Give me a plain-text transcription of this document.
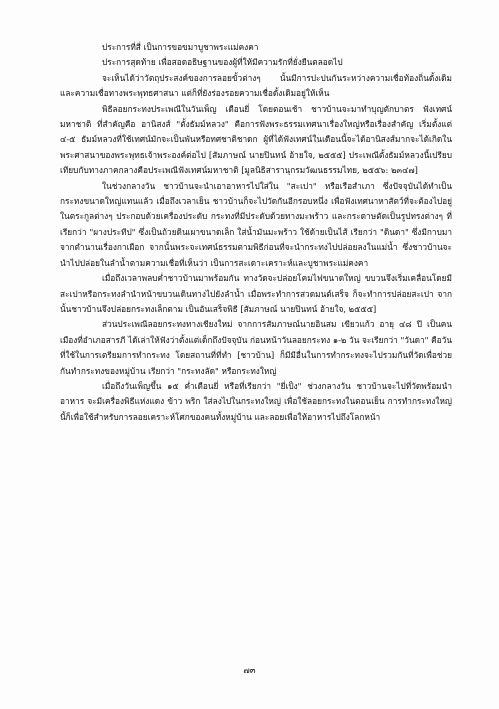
ประการที่สี่ เป็นการขอขมาบูชาพระแม่คงคา

ประการสุดท้าย เพื่อสอดอธิษฐานของผู้ที่ให้มีความรักที่ยั่งยืนตลอดไป

จะเห็นได้ว่าวัตถุประสงค์ของการลอยขั้วต่างๆ นั้นมีการปะปนกันระหว่างความเชื่อท้องถิ่นดั้งเดิม และความเชื่อทางพระพุทธศาสนา แต่ก็ที่ยังร่องรอยความเชื่อดั้งเดิมอยู่ให้เห็น

พิธีลอยกระทงประเพณีในวันเพ็ญ เดือนยี่ โดยตอนเช้า ชาวบ้านจะมาทำบุญตักบาตร ฟังเทศน์มหาชาติ ที่สำคัญคือ อานิสงส์ "ตั้งธัมม์หลวง" คือการฟังพระธรรมเทศนาเรื่องใหญ่หรือเรื่องสำคัญ เริ่มตั้งแต่ ๔-๕ ธัมม์หลวงที่ใช้เทศน์มักจะเป็นพันหรือทศชาติชาดก ผู้ที่ได้ฟังเทศน์ในเดือนนี้จะได้อานิสงส์มากจะได้เกิดในพระศาสนาของพระพุทธเจ้าพระองค์ต่อไป [สัมภาษณ์ นายปินทน์ อ้ายใจ, ๒๕๕๕] ประเพณีตั้งธัมม์หลวงนี้เปรียบเทียบกับทางภาคกลางคือประเพณีฟังเทศน์มหาชาติ [มูลนิธิสารานุกรมวัฒนธรรมไทย, ๒๕๕๖: ๒๓๔๗]

ในช่วงกลางวัน ชาวบ้านจะนำเอาอาหารไปใส่ใน "สะเปา" หรือเรือสำเภา ซึ่งปัจจุบันได้ทำเป็นกระทงขนาดใหญ่แทนแล้ว เมื่อถึงเวลาเย็น ชาวบ้านก็จะไปวัดกันอีกรอบหนึ่ง เพื่อฟังเทศนาหาสัตว์ที่จะต้องไปอยู่ในตระกูลต่างๆ ประกอบด้วยเครื่องประดับ กระทงที่มีประดับด้วยทางมะพร้าว และกระดาษตัดเป็นรูปทรงต่างๆ ที่เรียกว่า "ผางประทีป" ซึ่งเป็นถ้วยดินเผาขนาดเล็ก ใส่น้ำมันมะพร้าว ใช้ด้ายเป็นไส้ เรียกว่า "ดินดา" ซึ่งมีกาบมาจากตำนานเรื่องกาเผือก จากนั้นพระจะเทศน์ธรรมตามพิธีก่อนที่จะนำกระทงไปปล่อยลงในแม่น้ำ ซึ่งชาวบ้านจะนำไปปล่อยในลำน้ำตามความเชื่อที่เห็นว่า เป็นการสะเดาะเคราะห์และบูชาพระแม่คงคา

เมื่อถึงเวลาพลบค่ำชาวบ้านมาพร้อมกัน ทางวัดจะปล่อยโคมไฟขนาดใหญ่ ขบวนจึงเริ่มเคลื่อนโดยมีสะเปาหรือกระทงลำนำหน้าขบวนเดินทางไปยังลำน้ำ เมื่อพระทำการสวดมนต์เสร็จ ก็จะทำการปล่อยสะเปา จากนั้นชาวบ้านจึงปล่อยกระทงเล็กตาม เป็นอันเสร็จพิธี [สัมภาษณ์ นายปินทน์ อ้ายใจ, ๒๕๕๕]

ส่วนประเพณีลอยกระทงทางเชียงใหม่ จากการสัมภาษณ์นายอินสม เขียวแก้ว อายุ ๔๘ ปี เป็นคนเมืองที่อำเภอสารภี ได้เล่าให้ฟังว่าตั้งแต่เด็กถึงปัจจุบัน ก่อนหน้าวันลอยกระทง ๑-๒ วัน จะเรียกว่า "วันดา" คือวันที่ใช้ในการเตรียมการทำกระทง โดยสถานที่ที่ทำ [ชาวบ้าน] ก็มีมีอื่นในการทำกระทงจะไปรวมกันที่วัดเพื่อช่วยกันทำกระทงของหมู่บ้าน เรียกว่า "กระทงลัด" หรือกระทงใหญ่

เมื่อถึงวันเพ็ญขึ้น ๑๕ ค่ำเดือนยี่ หรือที่เรียกว่า "ยี่เป็ง" ช่วงกลางวัน ชาวบ้านจะไปที่วัดพร้อมนำอาหาร จะมีเครื่องพิธีแห่งแดง ข้าว พริก ใส่ลงไปในกระทงใหญ่ เพื่อใช้ลอยกระทงในตอนเย็น การทำกระทงใหญ่นี้ก็เพื่อใช้สำหรับการลอยเคราะห์โศกของคนทั้งหมู่บ้าน และลอยเพื่อให้อาหารไปถึงโลกหน้า

๗๓
